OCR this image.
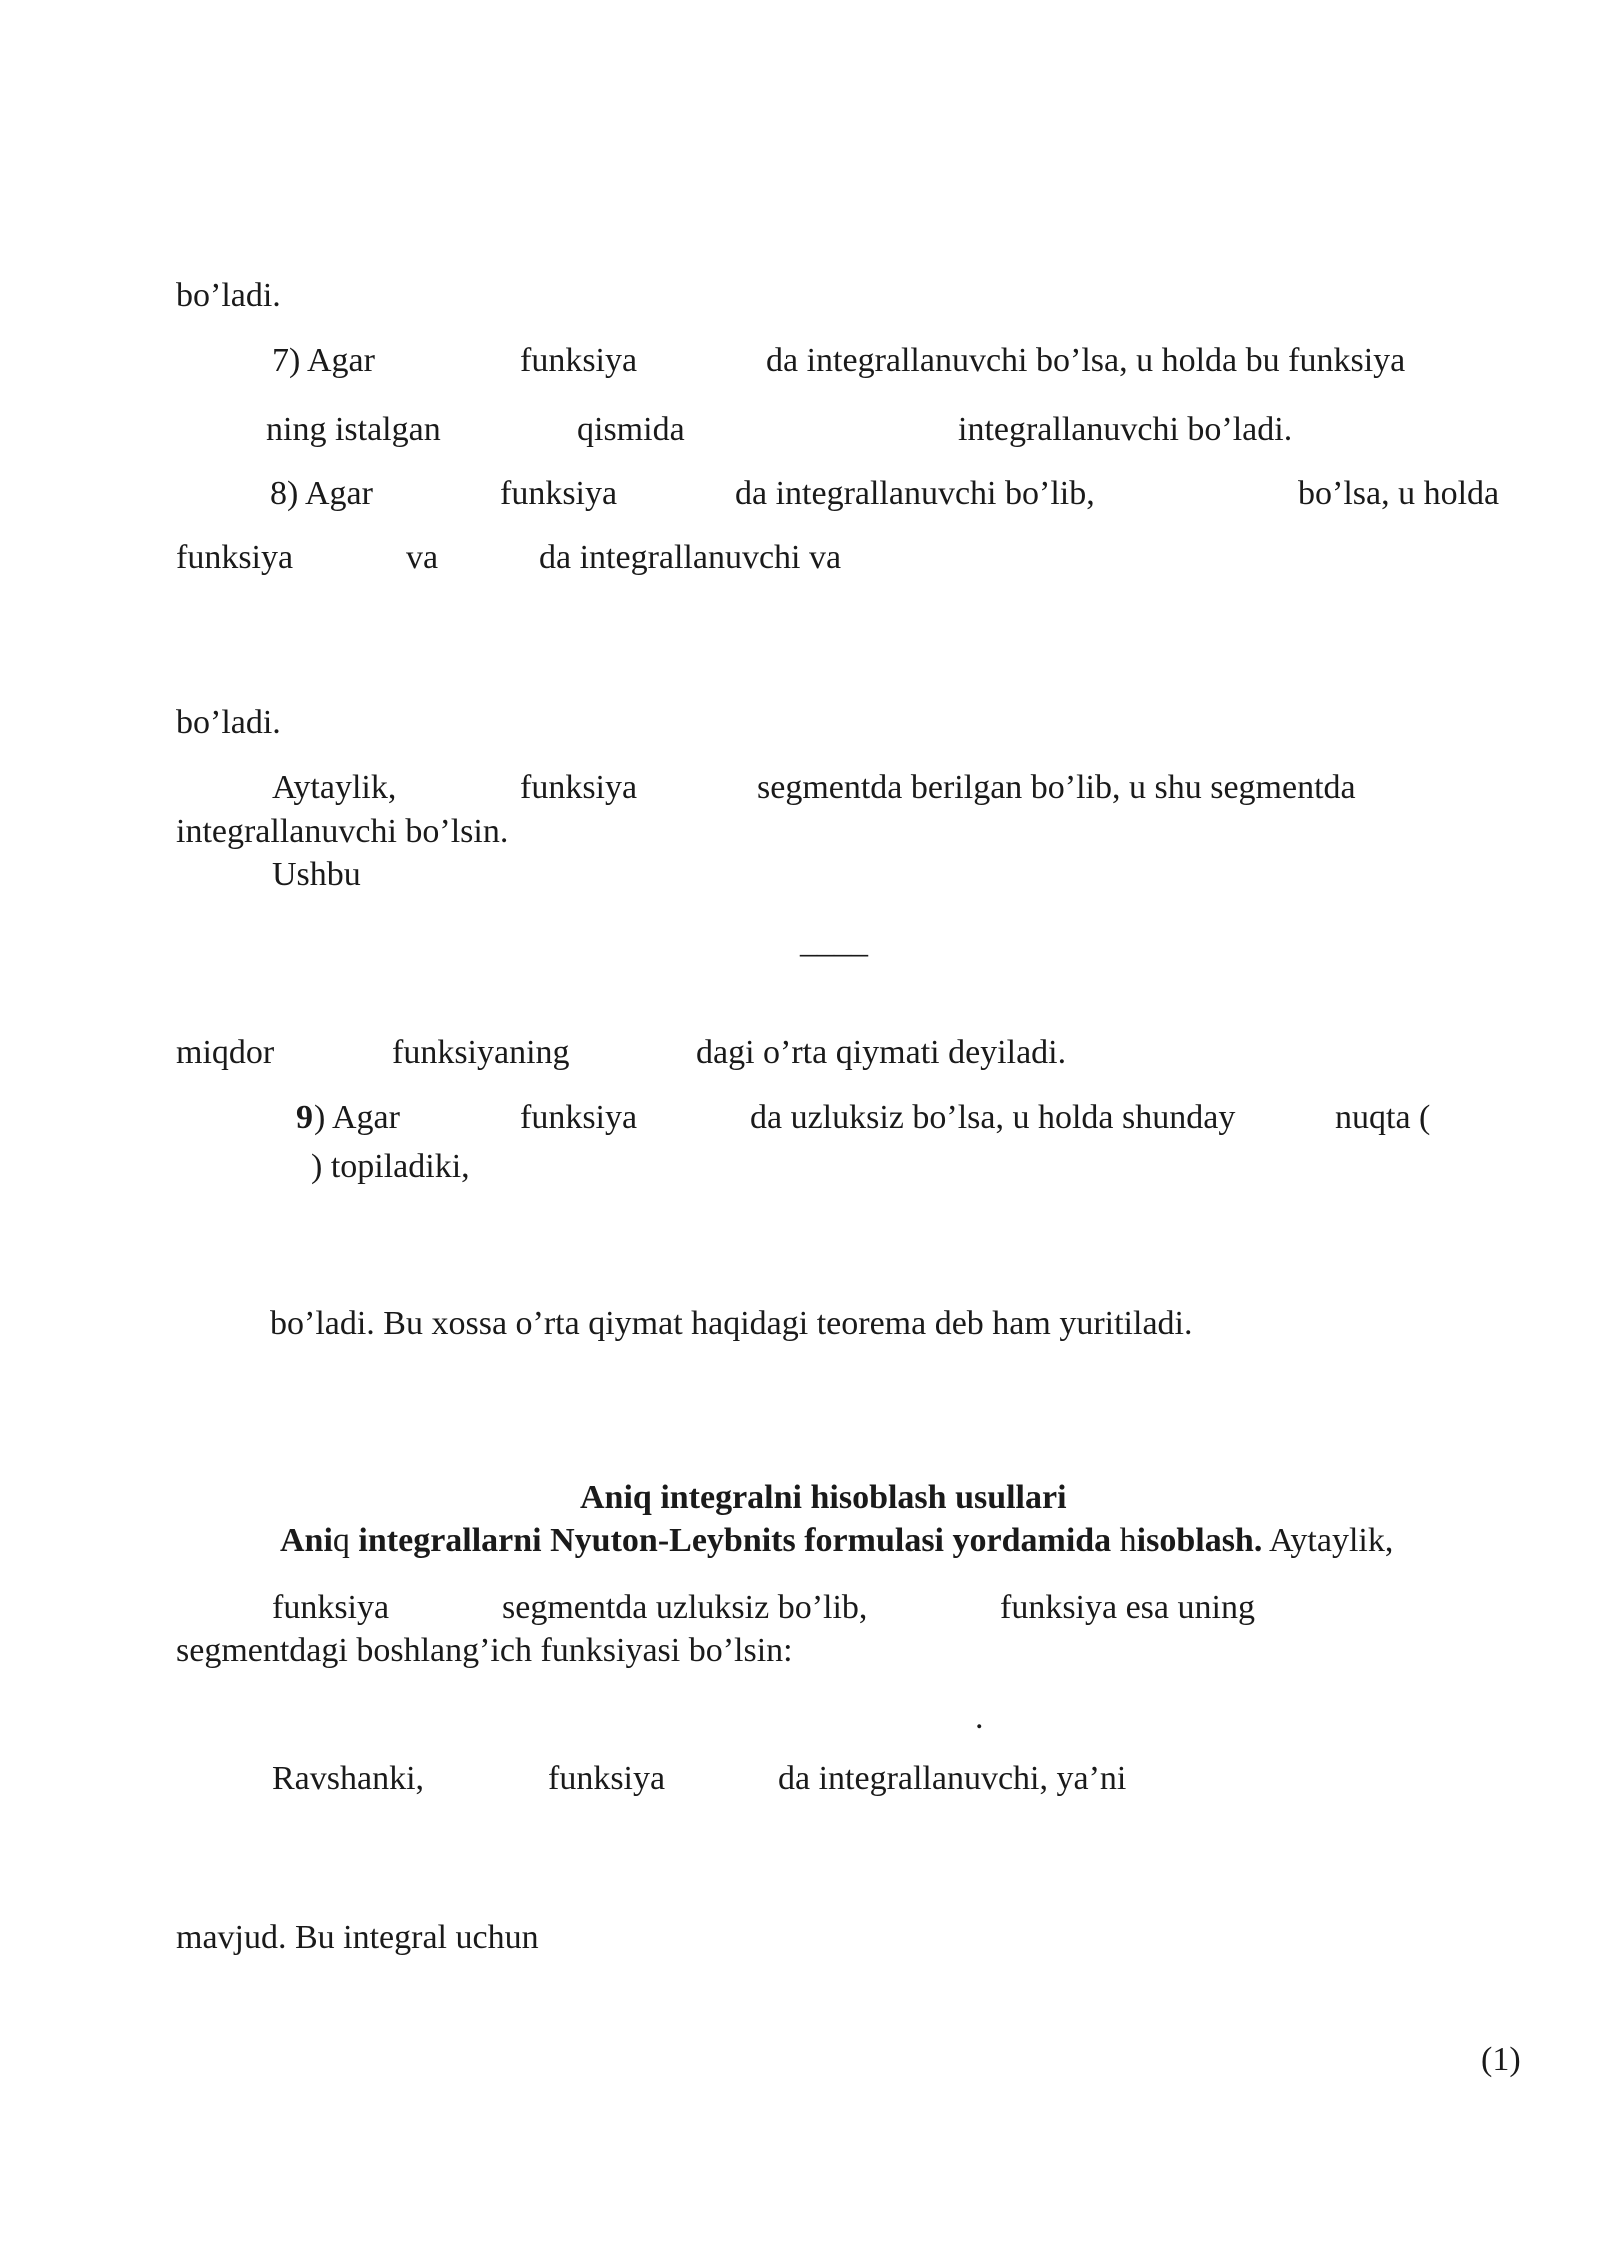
bo’ladi.
7) Agar	funksiya	da integrallanuvchi bo’lsa, u holda bu funksiya
ning istalgan	qismida	integrallanuvchi bo’ladi.
8) Agar	funksiya	da integrallanuvchi bo’lib,	bo’lsa, u holda
funksiya	va	da integrallanuvchi va
bo’ladi.
Aytaylik,	funksiya	segmentda berilgan bo’lib, u shu segmentda
integrallanuvchi bo’lsin.
Ushbu
____
miqdor	funksiyaning	dagi o’rta qiymati deyiladi.
9 ) Agar	funksiya	da uzluksiz bo’lsa, u holda shunday	nuqta (
) topiladiki,
bo’ladi. Bu xossa o’rta qiymat haqidagi teorema deb ham yuritiladi.
Aniq integralni hisoblash usullari
Aniq integrallarni Nyuton-Leybnits formulasi yordamida hisoblash. Aytaylik,
funksiya	segmentda uzluksiz bo’lib,	funksiya esa uning
segmentdagi boshlang’ich funksiyasi bo’lsin:
.
Ravshanki,	funksiya	da integrallanuvchi, ya’ni
mavjud. Bu integral uchun
(1)
